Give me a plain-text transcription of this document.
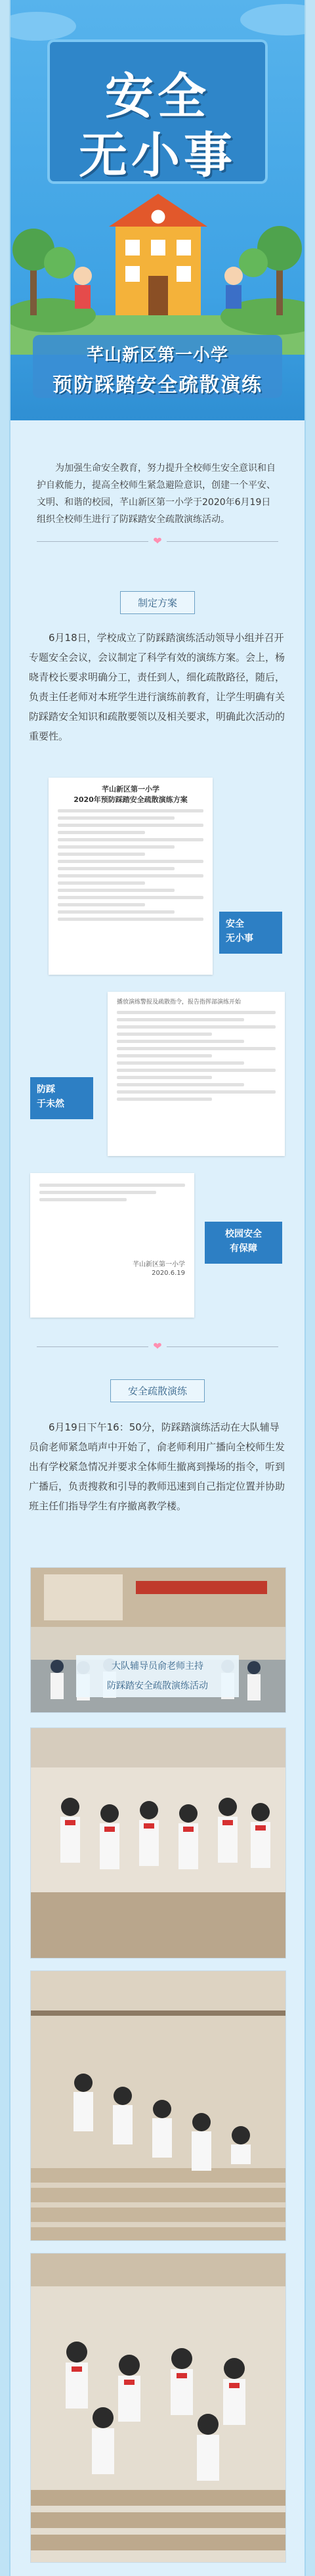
安全
无小事
芊山新区第一小学
预防踩踏安全疏散演练
为加强生命安全教育，努力提升全校师生安全意识和自护自救能力，提高全校师生紧急避险意识，创建一个平安、文明、和谐的校园，芊山新区第一小学于2020年6月19日组织全校师生进行了防踩踏安全疏散演练活动。
❤
制定方案
6月18日，学校成立了防踩踏演练活动领导小组并召开专题安全会议，会议制定了科学有效的演练方案。会上，杨晓青校长要求明确分工，责任到人，细化疏散路径，随后，负责主任老师对本班学生进行演练前教育，让学生明确有关防踩踏安全知识和疏散要领以及相关要求，明确此次活动的重要性。
芊山新区第一小学
2020年预防踩踏安全疏散演练方案
安全
无小事
播放演练警报及疏散指令，报告指挥部演练开始
防踩
于未然
芊山新区第一小学
2020.6.19
校园安全
有保障
❤
安全疏散演练
6月19日下午16：50分，防踩踏演练活动在大队辅导员俞老师紧急哨声中开始了，俞老师利用广播向全校师生发出有学校紧急情况并要求全体师生撤离到操场的指令，听到广播后，负责搜救和引导的教师迅速到自己指定位置并协助班主任们指导学生有序撤离教学楼。
大队辅导员俞老师主持
防踩踏安全疏散演练活动
